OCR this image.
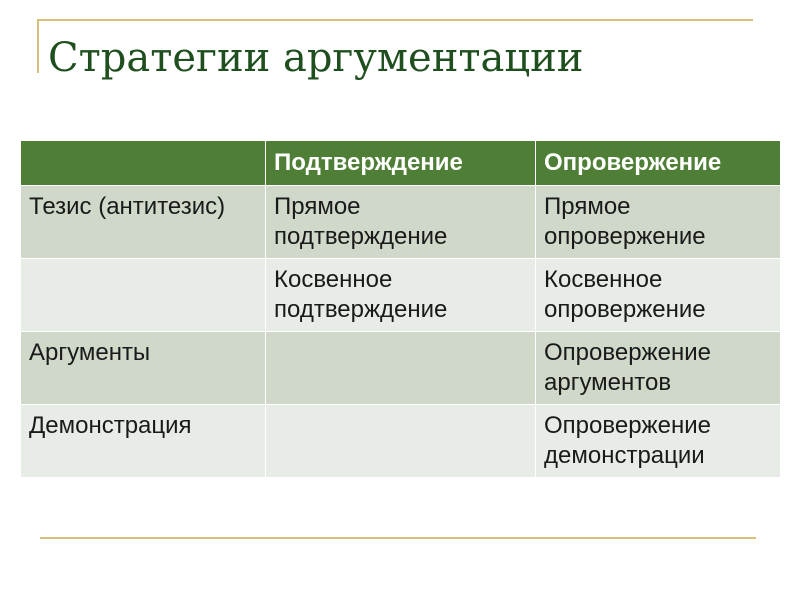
Стратегии аргументации
	Подтверждение	Опровержение
Тезис (антитезис)	Прямое подтверждение	Прямое опровержение
	Косвенное подтверждение	Косвенное опровержение
Аргументы		Опровержение аргументов
Демонстрация		Опровержение демонстрации
